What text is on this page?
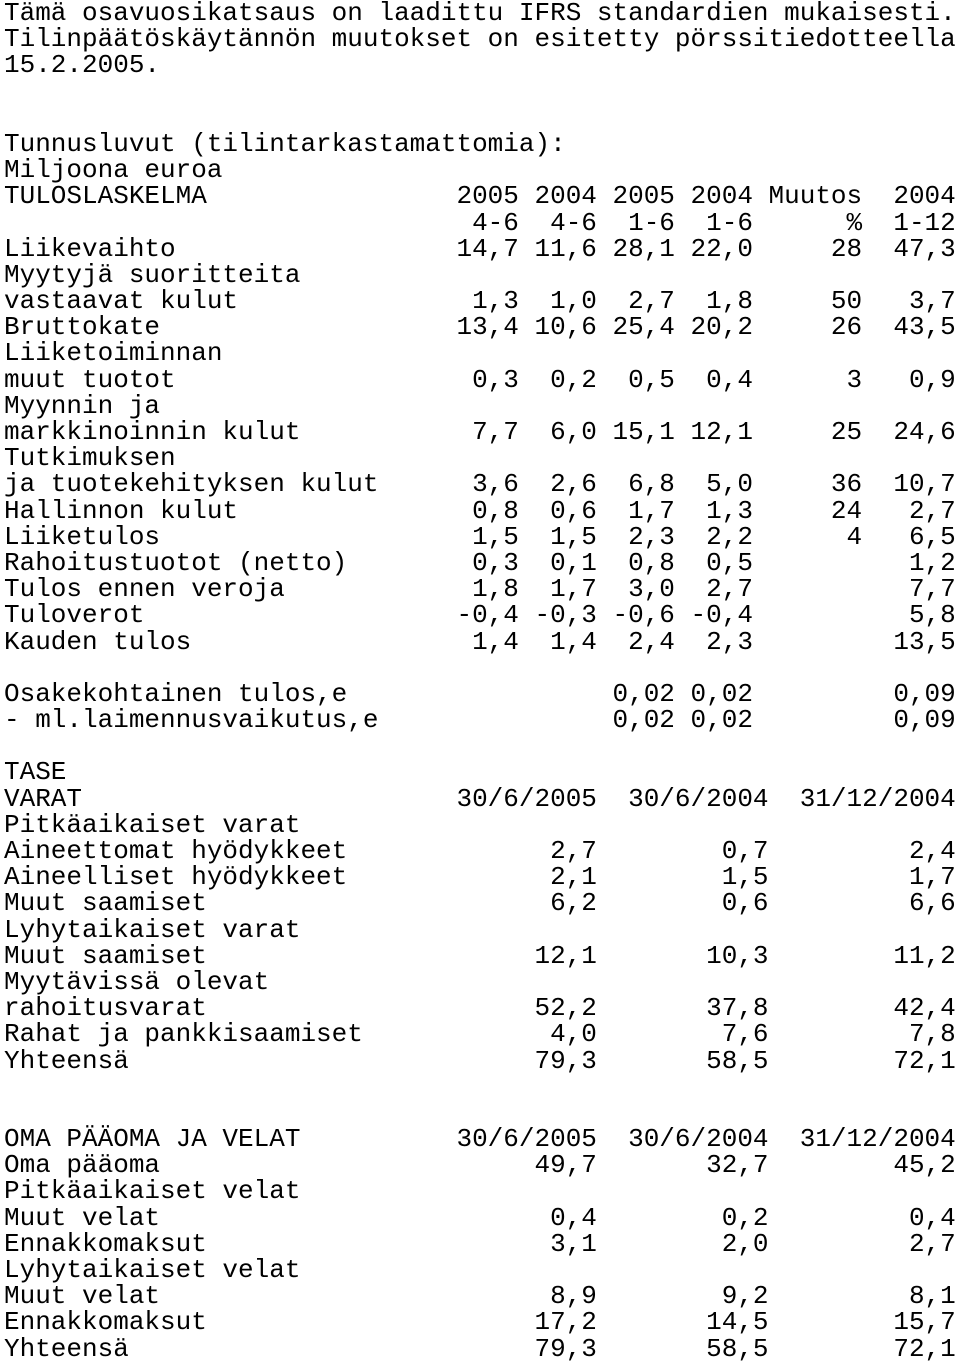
Tämä osavuosikatsaus on laadittu IFRS standardien mukaisesti.
Tilinpäätöskäytännön muutokset on esitetty pörssitiedotteella
15.2.2005.
Tunnusluvut (tilintarkastamattomia):
Miljoona euroa
TULOSLASKELMA                2005 2004 2005 2004 Muutos  2004
4-6  4-6  1-6  1-6      %  1-12
Liikevaihto                  14,7 11,6 28,1 22,0     28  47,3
Myytyjä suoritteita
vastaavat kulut               1,3  1,0  2,7  1,8     50   3,7
Bruttokate                   13,4 10,6 25,4 20,2     26  43,5
Liiketoiminnan
muut tuotot                   0,3  0,2  0,5  0,4      3   0,9
Myynnin ja
markkinoinnin kulut           7,7  6,0 15,1 12,1     25  24,6
Tutkimuksen
ja tuotekehityksen kulut      3,6  2,6  6,8  5,0     36  10,7
Hallinnon kulut               0,8  0,6  1,7  1,3     24   2,7
Liiketulos                    1,5  1,5  2,3  2,2      4   6,5
Rahoitustuotot (netto)        0,3  0,1  0,8  0,5          1,2
Tulos ennen veroja            1,8  1,7  3,0  2,7          7,7
Tuloverot                    -0,4 -0,3 -0,6 -0,4          5,8
Kauden tulos                  1,4  1,4  2,4  2,3         13,5
Osakekohtainen tulos,e                 0,02 0,02         0,09
- ml.laimennusvaikutus,e               0,02 0,02         0,09
TASE
VARAT                        30/6/2005  30/6/2004  31/12/2004
Pitkäaikaiset varat
Aineettomat hyödykkeet             2,7        0,7         2,4
Aineelliset hyödykkeet             2,1        1,5         1,7
Muut saamiset                      6,2        0,6         6,6
Lyhytaikaiset varat
Muut saamiset                     12,1       10,3        11,2
Myytävissä olevat
rahoitusvarat                     52,2       37,8        42,4
Rahat ja pankkisaamiset            4,0        7,6         7,8
Yhteensä                          79,3       58,5        72,1
OMA PÄÄOMA JA VELAT          30/6/2005  30/6/2004  31/12/2004
Oma pääoma                        49,7       32,7        45,2
Pitkäaikaiset velat
Muut velat                         0,4        0,2         0,4
Ennakkomaksut                      3,1        2,0         2,7
Lyhytaikaiset velat
Muut velat                         8,9        9,2         8,1
Ennakkomaksut                     17,2       14,5        15,7
Yhteensä                          79,3       58,5        72,1
